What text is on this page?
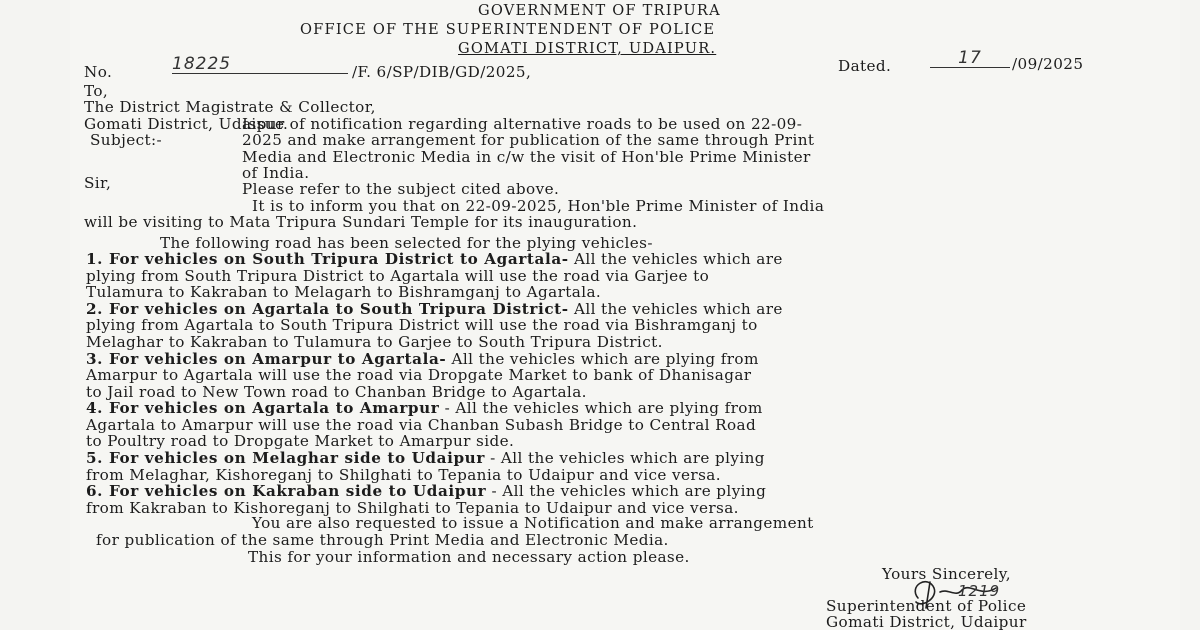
GOVERNMENT OF TRIPURA
OFFICE OF THE SUPERINTENDENT OF POLICE
GOMATI DISTRICT, UDAIPUR.
No.	18225	/F. 6/SP/DIB/GD/2025,	Dated.	17	/09/2025
To,
The District Magistrate & Collector,
Gomati District, Udaipur.
Subject:-
Issue of notification regarding alternative roads to be used on 22-09-
2025 and make arrangement for publication of the same through Print
Media and Electronic Media in c/w the visit of Hon'ble Prime Minister
of India.
Sir,	Please refer to the subject cited above.
It is to inform you that on 22-09-2025, Hon'ble Prime Minister of India
will be visiting to Mata Tripura Sundari Temple for its inauguration.
The following road has been selected for the plying vehicles-
1. For vehicles on South Tripura District to Agartala- All the vehicles which are
plying from South Tripura District to Agartala will use the road via Garjee to
Tulamura to Kakraban to Melagarh to Bishramganj to Agartala.
2. For vehicles on Agartala to South Tripura District- All the vehicles which are
plying from Agartala to South Tripura District will use the road via Bishramganj to
Melaghar to Kakraban to Tulamura to Garjee to South Tripura District.
3. For vehicles on Amarpur to Agartala- All the vehicles which are plying from
Amarpur to Agartala will use the road via Dropgate Market to bank of Dhanisagar
to Jail road to New Town road to Chanban Bridge to Agartala.
4. For vehicles on Agartala to Amarpur - All the vehicles which are plying from
Agartala to Amarpur will use the road via Chanban Subash Bridge to Central Road
to Poultry road to Dropgate Market to Amarpur side.
5. For vehicles on Melaghar side to Udaipur - All the vehicles which are plying
from Melaghar, Kishoreganj to Shilghati to Tepania to Udaipur and vice versa.
6. For vehicles on Kakraban side to Udaipur - All the vehicles which are plying
from Kakraban to Kishoreganj to Shilghati to Tepania to Udaipur and vice versa.
You are also requested to issue a Notification and make arrangement
for publication of the same through Print Media and Electronic Media.
This for your information and necessary action please.
Yours Sincerely,
1219
Superintendent of Police
Gomati District, Udaipur
